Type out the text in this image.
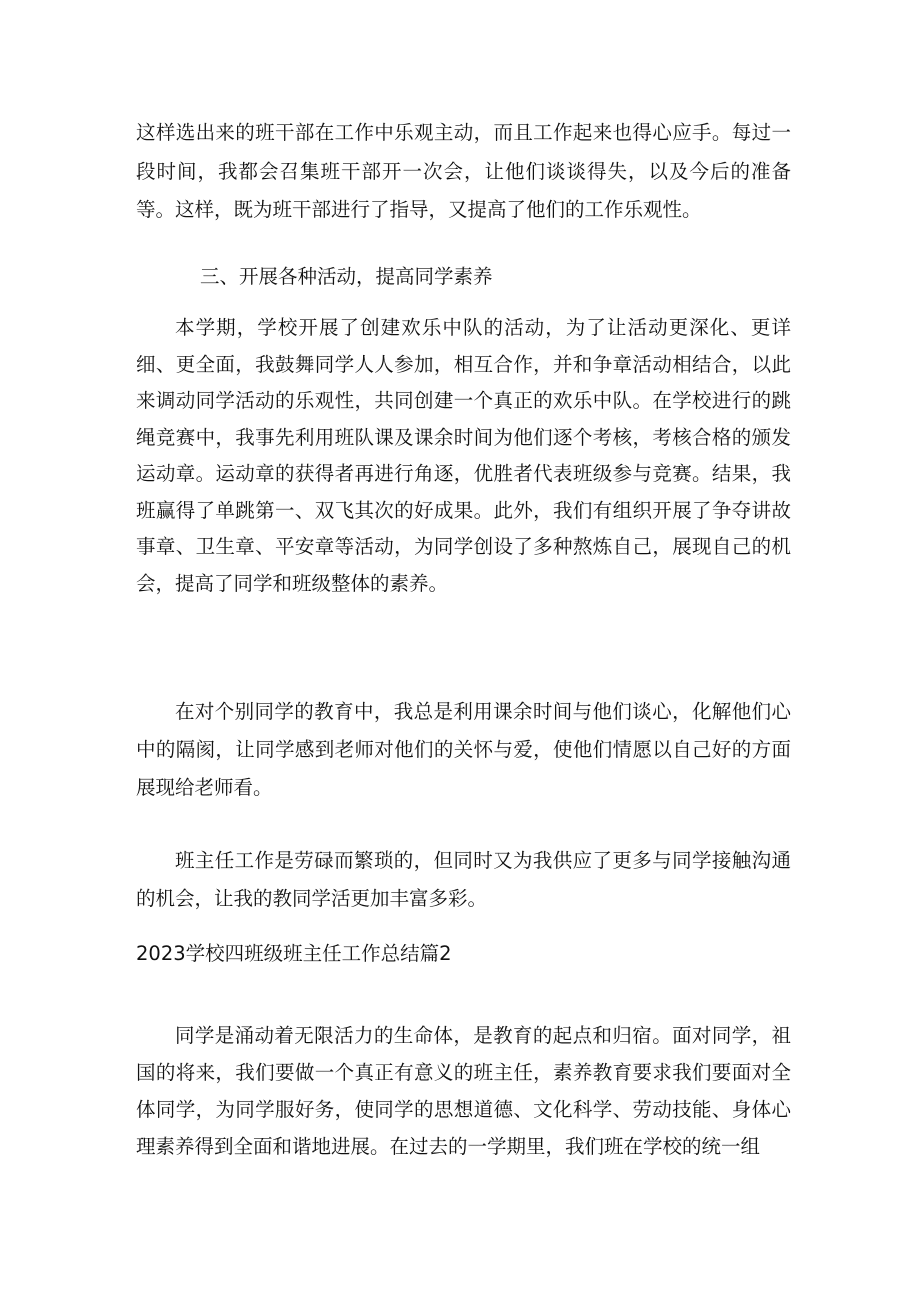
这样选出来的班干部在工作中乐观主动，而且工作起来也得心应手。每过一段时间，我都会召集班干部开一次会，让他们谈谈得失，以及今后的准备等。这样，既为班干部进行了指导，又提高了他们的工作乐观性。
三、开展各种活动，提高同学素养
本学期，学校开展了创建欢乐中队的活动，为了让活动更深化、更详细、更全面，我鼓舞同学人人参加，相互合作，并和争章活动相结合，以此来调动同学活动的乐观性，共同创建一个真正的欢乐中队。在学校进行的跳绳竞赛中，我事先利用班队课及课余时间为他们逐个考核，考核合格的颁发运动章。运动章的获得者再进行角逐，优胜者代表班级参与竞赛。结果，我班赢得了单跳第一、双飞其次的好成果。此外，我们有组织开展了争夺讲故事章、卫生章、平安章等活动，为同学创设了多种熬炼自己，展现自己的机会，提高了同学和班级整体的素养。
在对个别同学的教育中，我总是利用课余时间与他们谈心，化解他们心中的隔阂，让同学感到老师对他们的关怀与爱，使他们情愿以自己好的方面展现给老师看。
班主任工作是劳碌而繁琐的，但同时又为我供应了更多与同学接触沟通的机会，让我的教同学活更加丰富多彩。
2023学校四班级班主任工作总结篇2
同学是涌动着无限活力的生命体，是教育的起点和归宿。面对同学，祖国的将来，我们要做一个真正有意义的班主任，素养教育要求我们要面对全体同学，为同学服好务，使同学的思想道德、文化科学、劳动技能、身体心理素养得到全面和谐地进展。在过去的一学期里，我们班在学校的统一组
